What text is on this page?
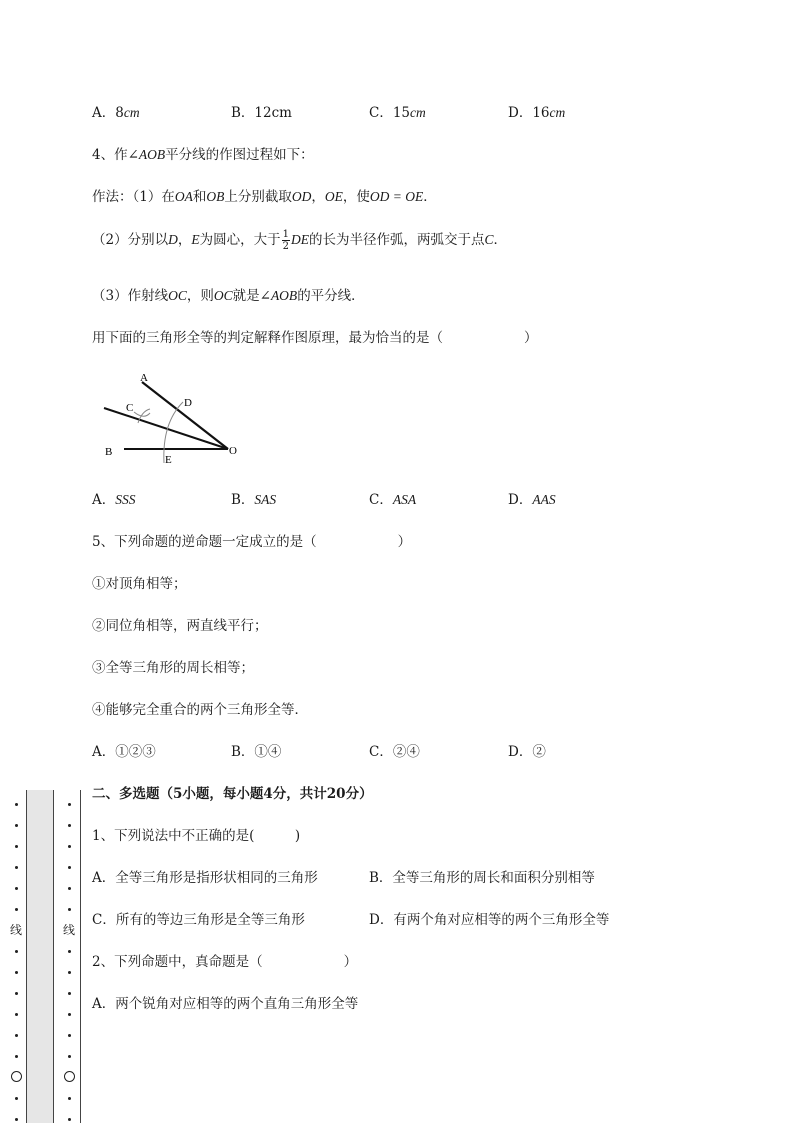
A．8cm	B．12cm	C．15cm	D．16cm
4、作∠AOB平分线的作图过程如下：
作法：（1）在OA和OB上分别截取OD，OE，使OD = OE．
（2）分别以D，E为圆心，大于 $\frac{1}{2}$ DE的长为半径作弧，两弧交于点C．
（3）作射线OC，则OC就是∠AOB的平分线．
用下面的三角形全等的判定解释作图原理，最为恰当的是（　　　　　　）
A
B
C	D
E
O
A．SSS	B．SAS	C．ASA	D．AAS
5、下列命题的逆命题一定成立的是（　　　　　　）
①对顶角相等；
②同位角相等，两直线平行；
③全等三角形的周长相等；
④能够完全重合的两个三角形全等．
A．①②③	B．①④	C．②④	D．②
二、多选题（5小题，每小题4分，共计20分）
1、下列说法中不正确的是(　　　)
A．全等三角形是指形状相同的三角形	B．全等三角形的周长和面积分别相等
C．所有的等边三角形是全等三角形	D．有两个角对应相等的两个三角形全等
2、下列命题中，真命题是（　　　　　　）
A．两个锐角对应相等的两个直角三角形全等
线	线
